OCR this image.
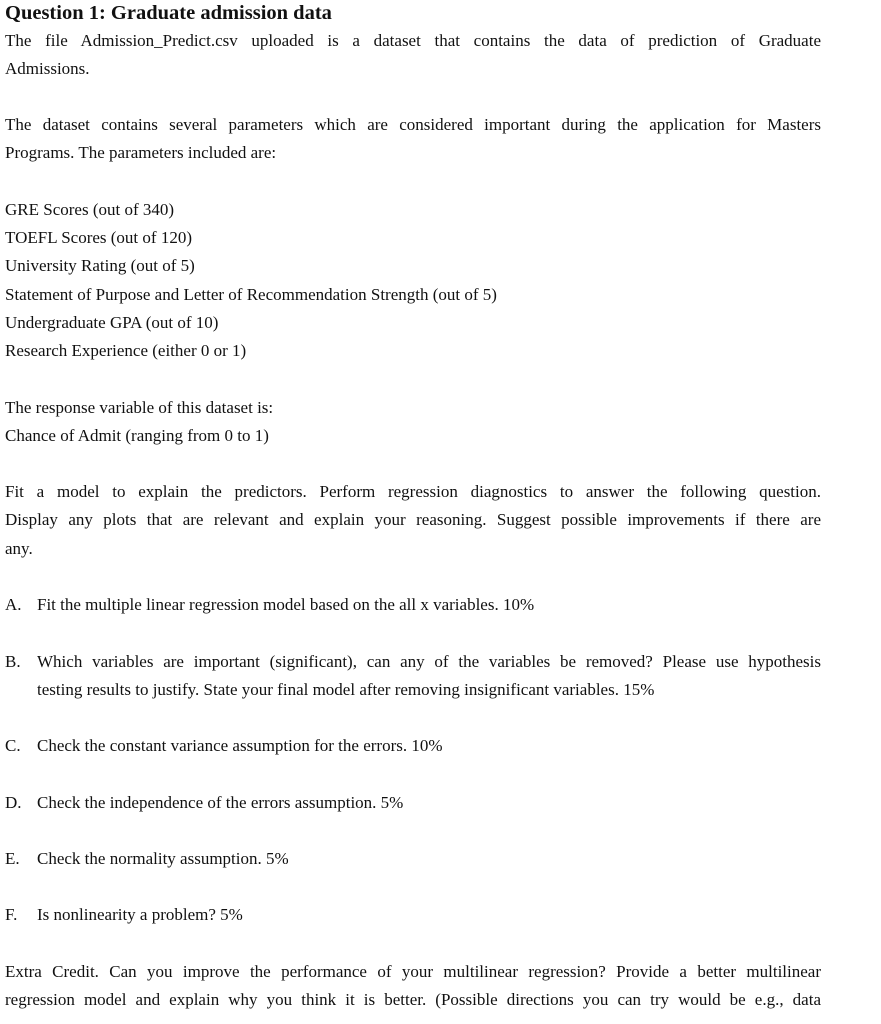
Question 1: Graduate admission data
The file Admission_Predict.csv uploaded is a dataset that contains the data of prediction of Graduate
Admissions.
The dataset contains several parameters which are considered important during the application for Masters
Programs. The parameters included are:
GRE Scores (out of 340)
TOEFL Scores (out of 120)
University Rating (out of 5)
Statement of Purpose and Letter of Recommendation Strength (out of 5)
Undergraduate GPA (out of 10)
Research Experience (either 0 or 1)
The response variable of this dataset is:
Chance of Admit (ranging from 0 to 1)
Fit a model to explain the predictors. Perform regression diagnostics to answer the following question.
Display any plots that are relevant and explain your reasoning. Suggest possible improvements if there are
any.
A. Fit the multiple linear regression model based on the all x variables. 10%
B. Which variables are important (significant), can any of the variables be removed? Please use hypothesis
testing results to justify. State your final model after removing insignificant variables. 15%
C. Check the constant variance assumption for the errors. 10%
D. Check the independence of the errors assumption. 5%
E. Check the normality assumption. 5%
F. Is nonlinearity a problem? 5%
Extra Credit. Can you improve the performance of your multilinear regression? Provide a better multilinear
regression model and explain why you think it is better. (Possible directions you can try would be e.g., data
